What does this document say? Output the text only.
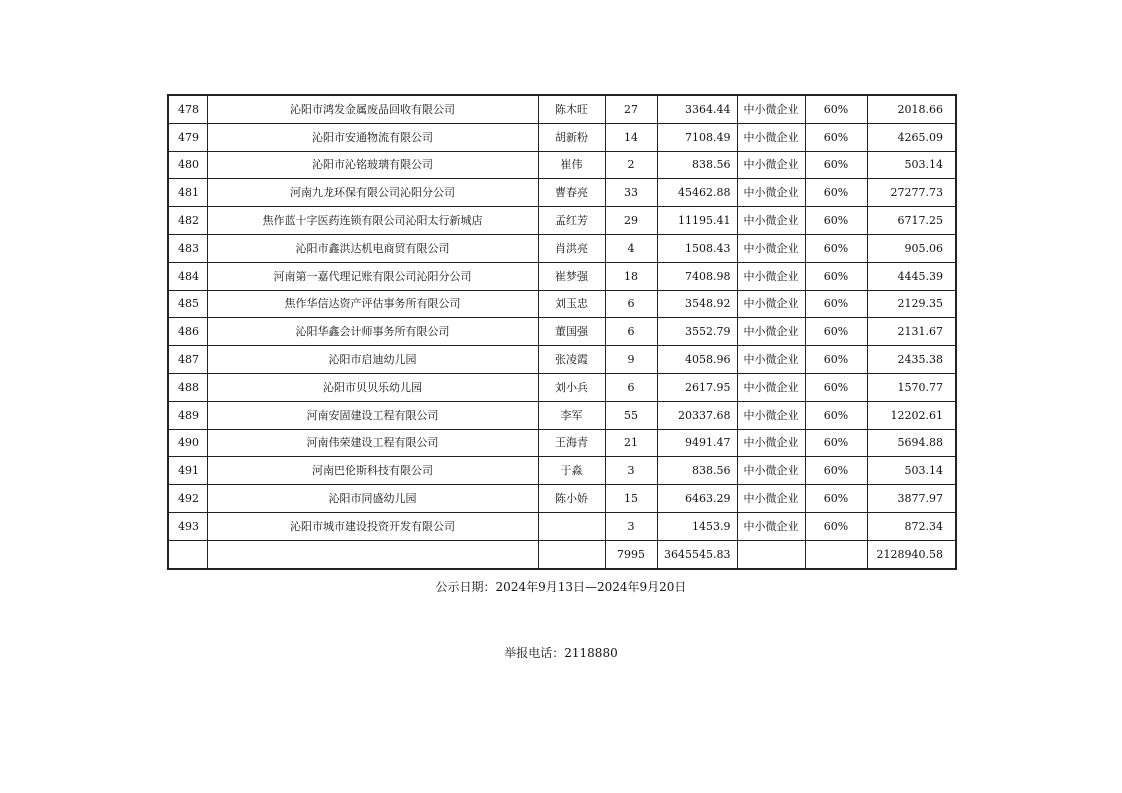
478	沁阳市鸿发金属废品回收有限公司	陈木旺	27	3364.44	中小微企业	60%	2018.66
479	沁阳市安通物流有限公司	胡新粉	14	7108.49	中小微企业	60%	4265.09
480	沁阳市沁铭玻璃有限公司	崔伟	2	838.56	中小微企业	60%	503.14
481	河南九龙环保有限公司沁阳分公司	曹春亮	33	45462.88	中小微企业	60%	27277.73
482	焦作蓝十字医药连锁有限公司沁阳太行新城店	孟红芳	29	11195.41	中小微企业	60%	6717.25
483	沁阳市鑫洪达机电商贸有限公司	肖洪亮	4	1508.43	中小微企业	60%	905.06
484	河南第一嘉代理记账有限公司沁阳分公司	崔梦强	18	7408.98	中小微企业	60%	4445.39
485	焦作华信达资产评估事务所有限公司	刘玉忠	6	3548.92	中小微企业	60%	2129.35
486	沁阳华鑫会计师事务所有限公司	董国强	6	3552.79	中小微企业	60%	2131.67
487	沁阳市启迪幼儿园	张凌霞	9	4058.96	中小微企业	60%	2435.38
488	沁阳市贝贝乐幼儿园	刘小兵	6	2617.95	中小微企业	60%	1570.77
489	河南安固建设工程有限公司	李军	55	20337.68	中小微企业	60%	12202.61
490	河南伟荣建设工程有限公司	王海青	21	9491.47	中小微企业	60%	5694.88
491	河南巴伦斯科技有限公司	于淼	3	838.56	中小微企业	60%	503.14
492	沁阳市同盛幼儿园	陈小娇	15	6463.29	中小微企业	60%	3877.97
493	沁阳市城市建设投资开发有限公司		3	1453.9	中小微企业	60%	872.34
			7995	3645545.83			2128940.58
公示日期：2024年9月13日—2024年9月20日
举报电话：2118880
